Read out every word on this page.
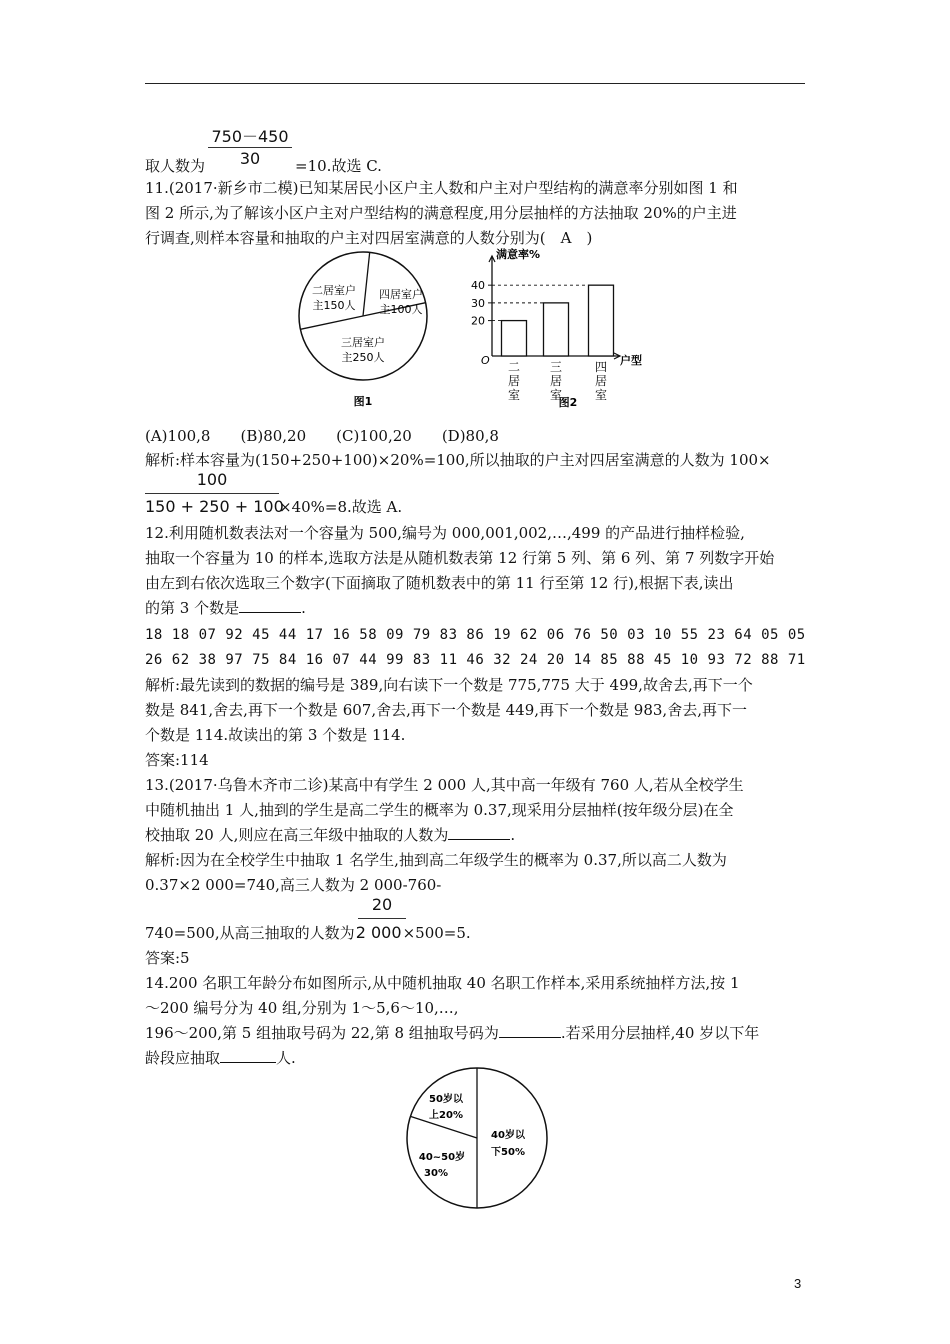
750－450
30
取人数为	=10.故选 C.
11.(2017·新乡市二模)已知某居民小区户主人数和户主对户型结构的满意率分别如图 1 和
图 2 所示,为了解该小区户主对户型结构的满意程度,用分层抽样的方法抽取 20%的户主进
行调查,则样本容量和抽取的户主对四居室满意的人数分别为(　A　)
二居室户
主150人
四居室户
主100人
三居室户
主250人
图1
二
居
室
三
居
室
四
居
室
20
30
40
满意率%
户型
O
图2
(A)100,8　　(B)80,20　　(C)100,20　　(D)80,8
解析:样本容量为(150+250+100)×20%=100,所以抽取的户主对四居室满意的人数为 100×
100
150 + 250 + 100×40%=8.故选 A.
12.利用随机数表法对一个容量为 500,编号为 000,001,002,…,499 的产品进行抽样检验,
抽取一个容量为 10 的样本,选取方法是从随机数表第 12 行第 5 列、第 6 列、第 7 列数字开始
由左到右依次选取三个数字(下面摘取了随机数表中的第 11 行至第 12 行),根据下表,读出
的第 3 个数是	.
18 18 07 92 45 44 17 16 58 09 79 83 86 19 62 06 76 50 03 10 55 23 64 05 05
26 62 38 97 75 84 16 07 44 99 83 11 46 32 24 20 14 85 88 45 10 93 72 88 71
解析:最先读到的数据的编号是 389,向右读下一个数是 775,775 大于 499,故舍去,再下一个
数是 841,舍去,再下一个数是 607,舍去,再下一个数是 449,再下一个数是 983,舍去,再下一
个数是 114.故读出的第 3 个数是 114.
答案:114
13.(2017·乌鲁木齐市二诊)某高中有学生 2 000 人,其中高一年级有 760 人,若从全校学生
中随机抽出 1 人,抽到的学生是高二学生的概率为 0.37,现采用分层抽样(按年级分层)在全
校抽取 20 人,则应在高三年级中抽取的人数为	.
解析:因为在全校学生中抽取 1 名学生,抽到高二年级学生的概率为 0.37,所以高二人数为
0.37×2 000=740,高三人数为 2 000-760-
20
740=500,从高三抽取的人数为2 000×500=5.
答案:5
14.200 名职工年龄分布如图所示,从中随机抽取 40 名职工作样本,采用系统抽样方法,按 1
～200 编号分为 40 组,分别为 1～5,6～10,…,
196～200,第 5 组抽取号码为 22,第 8 组抽取号码为	.若采用分层抽样,40 岁以下年
龄段应抽取	人.
50岁以
上20%
40~50岁
30%
40岁以
下50%
3
